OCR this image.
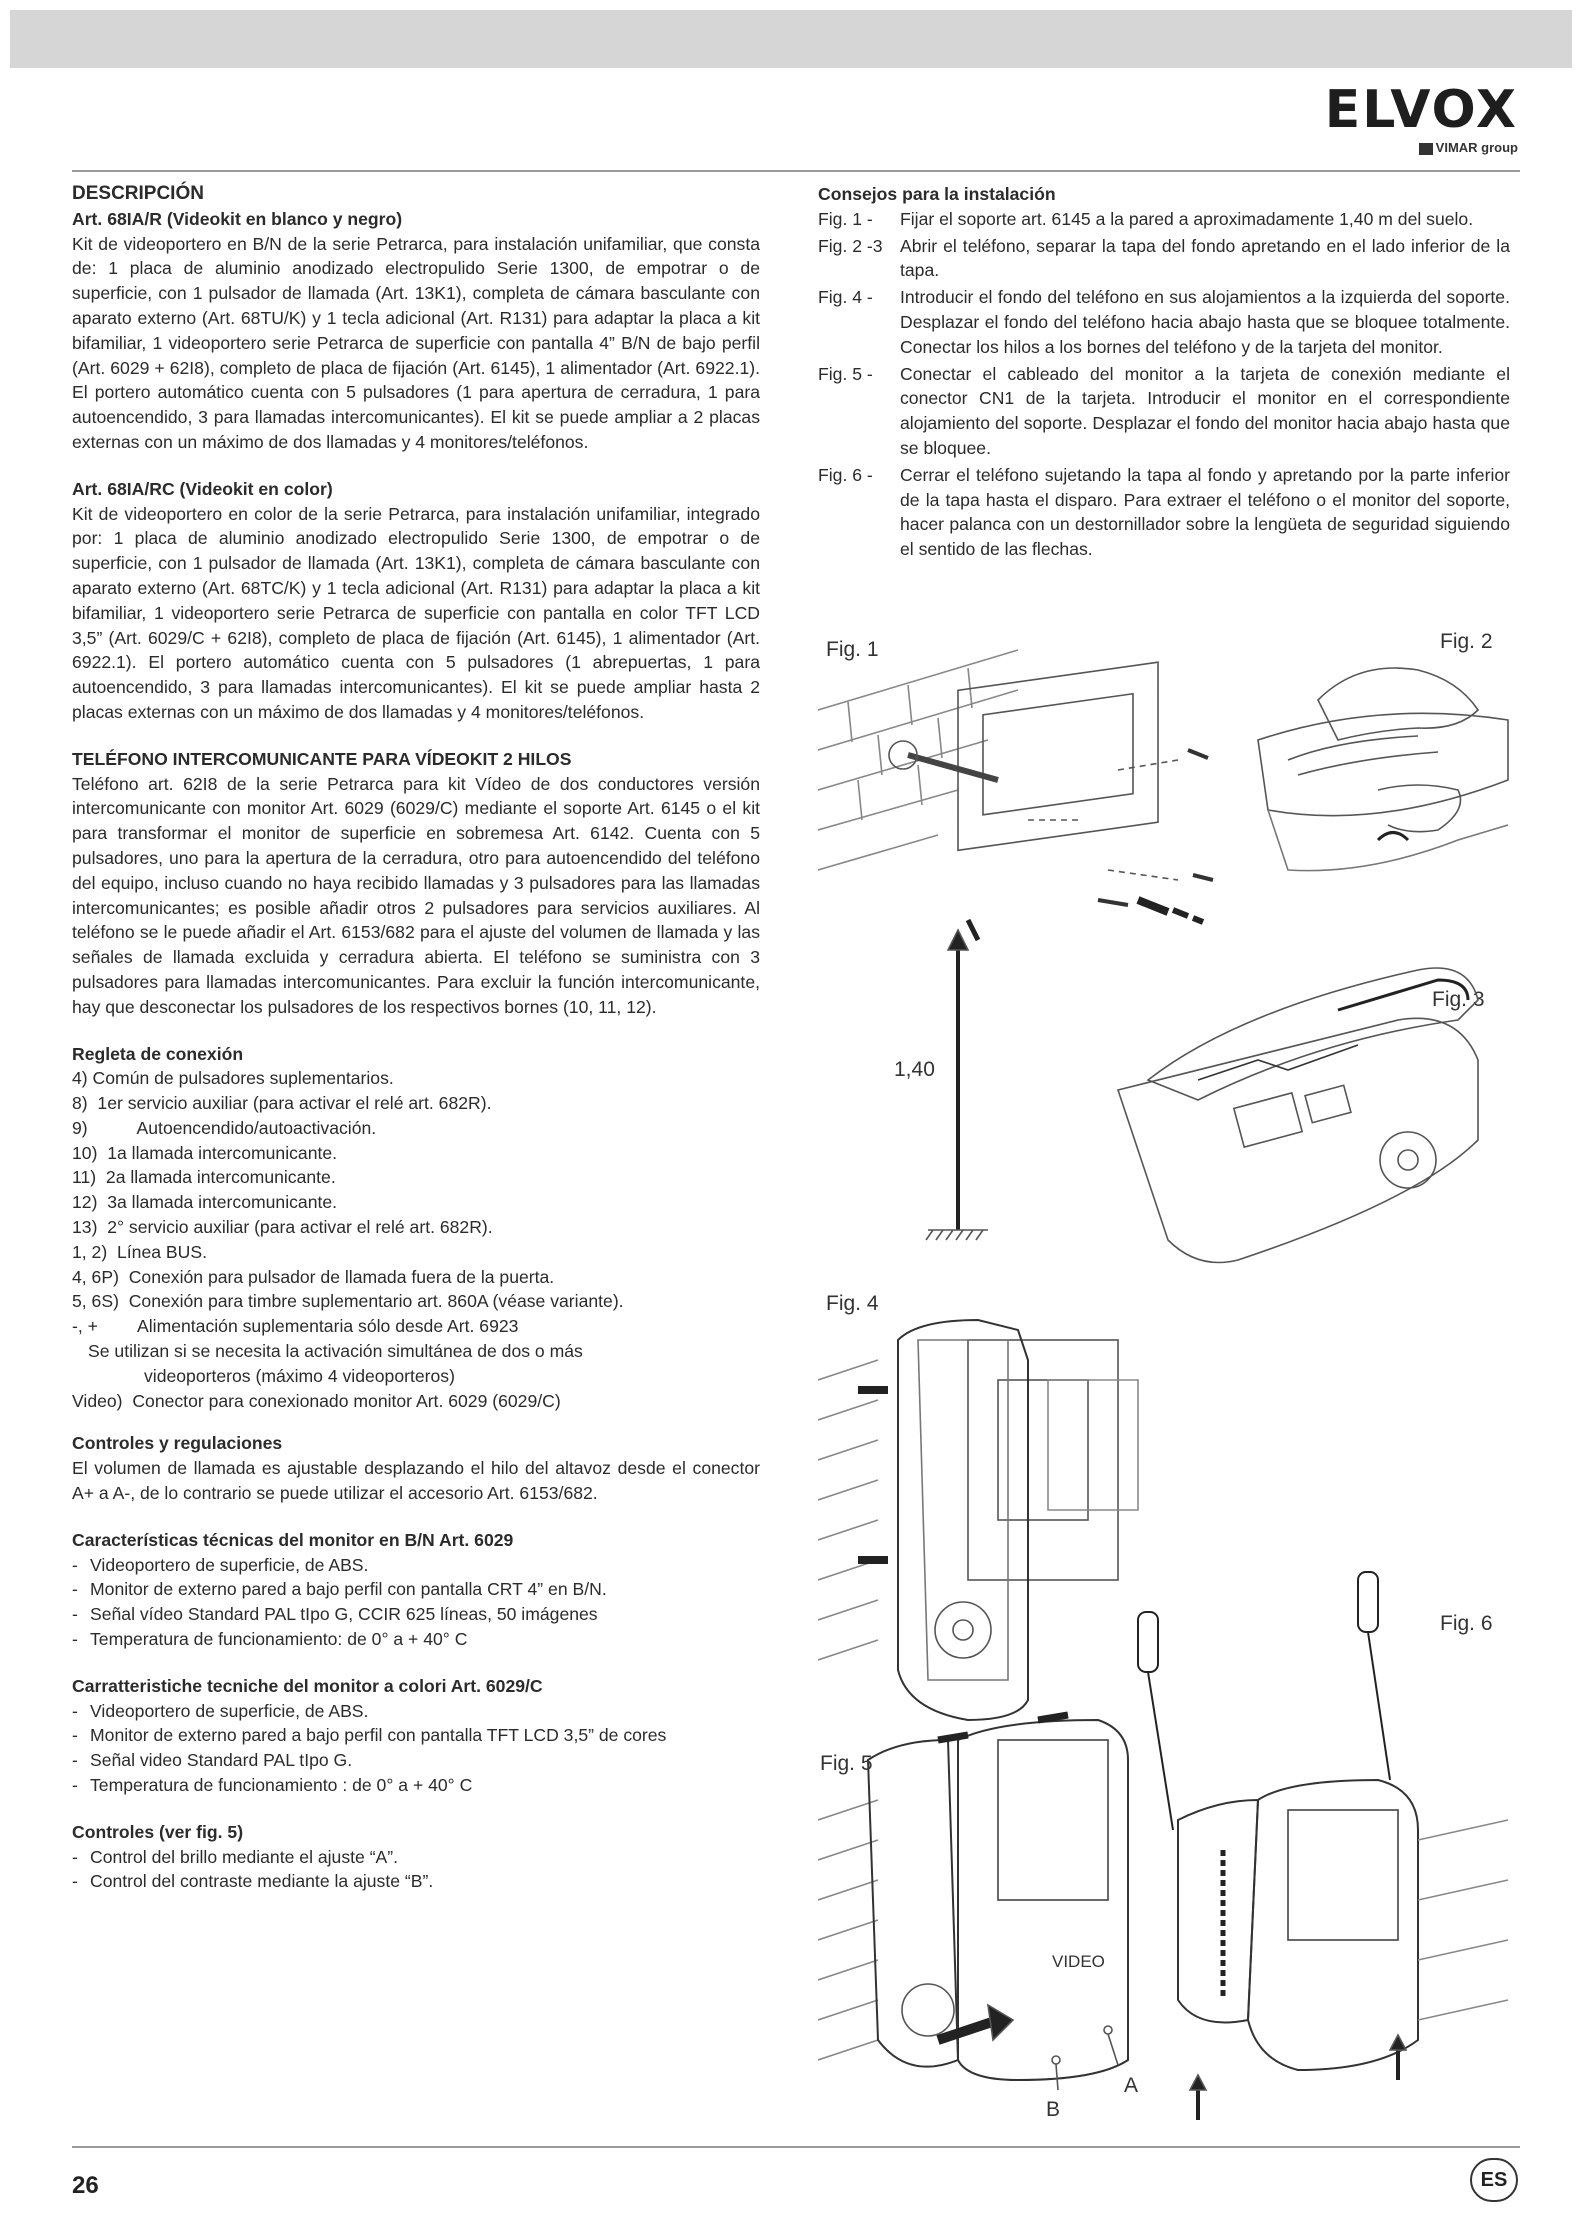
ELVOX
VIMAR group

DESCRIPCIÓN

Art. 68IA/R (Videokit en blanco y negro)

Kit de videoportero en B/N de la serie Petrarca, para instalación unifamiliar, que consta de: 1 placa de aluminio anodizado electropulido Serie 1300, de empotrar o de superficie, con 1 pulsador de llamada (Art. 13K1), completa de cámara basculante con aparato externo (Art. 68TU/K) y 1 tecla adicional (Art. R131) para adaptar la placa a kit bifamiliar, 1 videoportero serie Petrarca de superficie con pantalla 4” B/N de bajo perfil (Art. 6029 + 62I8), completo de placa de fijación (Art. 6145), 1 alimentador (Art. 6922.1). El portero automático cuenta con 5 pulsadores (1 para apertura de cerradura, 1 para autoencendido, 3 para llamadas intercomunicantes). El kit se puede ampliar a 2 placas externas con un máximo de dos llamadas y 4 monitores/teléfonos.

Art. 68IA/RC (Videokit en color)

Kit de videoportero en color de la serie Petrarca, para instalación unifamiliar, integrado por: 1 placa de aluminio anodizado electropulido Serie 1300, de empotrar o de superficie, con 1 pulsador de llamada (Art. 13K1), completa de cámara basculante con aparato externo (Art. 68TC/K) y 1 tecla adicional (Art. R131) para adaptar la placa a kit bifamiliar, 1 videoportero serie Petrarca de superficie con pantalla en color TFT LCD 3,5” (Art. 6029/C + 62I8), completo de placa de fijación (Art. 6145), 1 alimentador (Art. 6922.1). El portero automático cuenta con 5 pulsadores (1 abrepuertas, 1 para autoencendido, 3 para llamadas intercomunicantes). El kit se puede ampliar hasta 2 placas externas con un máximo de dos llamadas y 4 monitores/teléfonos.

TELÉFONO INTERCOMUNICANTE PARA VÍDEOKIT 2 HILOS

Teléfono art. 62I8 de la serie Petrarca para kit Vídeo de dos conductores versión intercomunicante con monitor Art. 6029 (6029/C) mediante el soporte Art. 6145 o el kit para transformar el monitor de superficie en sobremesa Art. 6142. Cuenta con 5 pulsadores, uno para la apertura de la cerradura, otro para autoencendido del teléfono del equipo, incluso cuando no haya recibido llamadas y 3 pulsadores para las llamadas intercomunicantes; es posible añadir otros 2 pulsadores para servicios auxiliares. Al teléfono se le puede añadir el Art. 6153/682 para el ajuste del volumen de llamada y las señales de llamada excluida y cerradura abierta. El teléfono se suministra con 3 pulsadores para llamadas intercomunicantes. Para excluir la función intercomunicante, hay que desconectar los pulsadores de los respectivos bornes (10, 11, 12).

Regleta de conexión

4) Común de pulsadores suplementarios.
8) 1er servicio auxiliar (para activar el relé art. 682R).
9) Autoencendido/autoactivación.
10) 1a llamada intercomunicante.
11) 2a llamada intercomunicante.
12) 3a llamada intercomunicante.
13) 2° servicio auxiliar (para activar el relé art. 682R).
1, 2) Línea BUS.
4, 6P) Conexión para pulsador de llamada fuera de la puerta.
5, 6S) Conexión para timbre suplementario art. 860A (véase variante).
-, + Alimentación suplementaria sólo desde Art. 6923
Se utilizan si se necesita la activación simultánea de dos o más
videoporteros (máximo 4 videoporteros)
Video) Conector para conexionado monitor Art. 6029 (6029/C)

Controles y regulaciones

El volumen de llamada es ajustable desplazando el hilo del altavoz desde el conector A+ a A-, de lo contrario se puede utilizar el accesorio Art. 6153/682.

Características técnicas del monitor en B/N Art. 6029

- Videoportero de superficie, de ABS.
- Monitor de externo pared a bajo perfil con pantalla CRT 4” en B/N.
- Señal vídeo Standard PAL tIpo G, CCIR 625 líneas, 50 imágenes
- Temperatura de funcionamiento: de 0° a + 40° C

Carratteristiche tecniche del monitor a colori Art. 6029/C

- Videoportero de superficie, de ABS.
- Monitor de externo pared a bajo perfil con pantalla TFT LCD 3,5” de cores
- Señal video Standard PAL tIpo G.
- Temperatura de funcionamiento : de 0° a + 40° C

Controles (ver fig. 5)

- Control del brillo mediante el ajuste “A”.
- Control del contraste mediante la ajuste “B”.

Consejos para la instalación

Fig. 1 -	Fijar el soporte art. 6145 a la pared a aproximadamente 1,40 m del suelo.
Fig. 2 -3 Abrir el teléfono, separar la tapa del fondo apretando en el lado inferior de la tapa.
Fig. 4 -	Introducir el fondo del teléfono en sus alojamientos a la izquierda del soporte. Desplazar el fondo del teléfono hacia abajo hasta que se bloquee totalmente. Conectar los hilos a los bornes del teléfono y de la tarjeta del monitor.
Fig. 5 -	Conectar el cableado del monitor a la tarjeta de conexión mediante el conector CN1 de la tarjeta. Introducir el monitor en el correspondiente alojamiento del soporte. Desplazar el fondo del monitor hacia abajo hasta que se bloquee.
Fig. 6 -	Cerrar el teléfono sujetando la tapa al fondo y apretando por la parte inferior de la tapa hasta el disparo. Para extraer el teléfono o el monitor del soporte, hacer palanca con un destornillador sobre la lengüeta de seguridad siguiendo el sentido de las flechas.
Fig. 1	Fig. 2
Fig. 3
1,40
Fig. 4
Fig. 6
Fig. 5
VIDEO
A
B
26	ES
